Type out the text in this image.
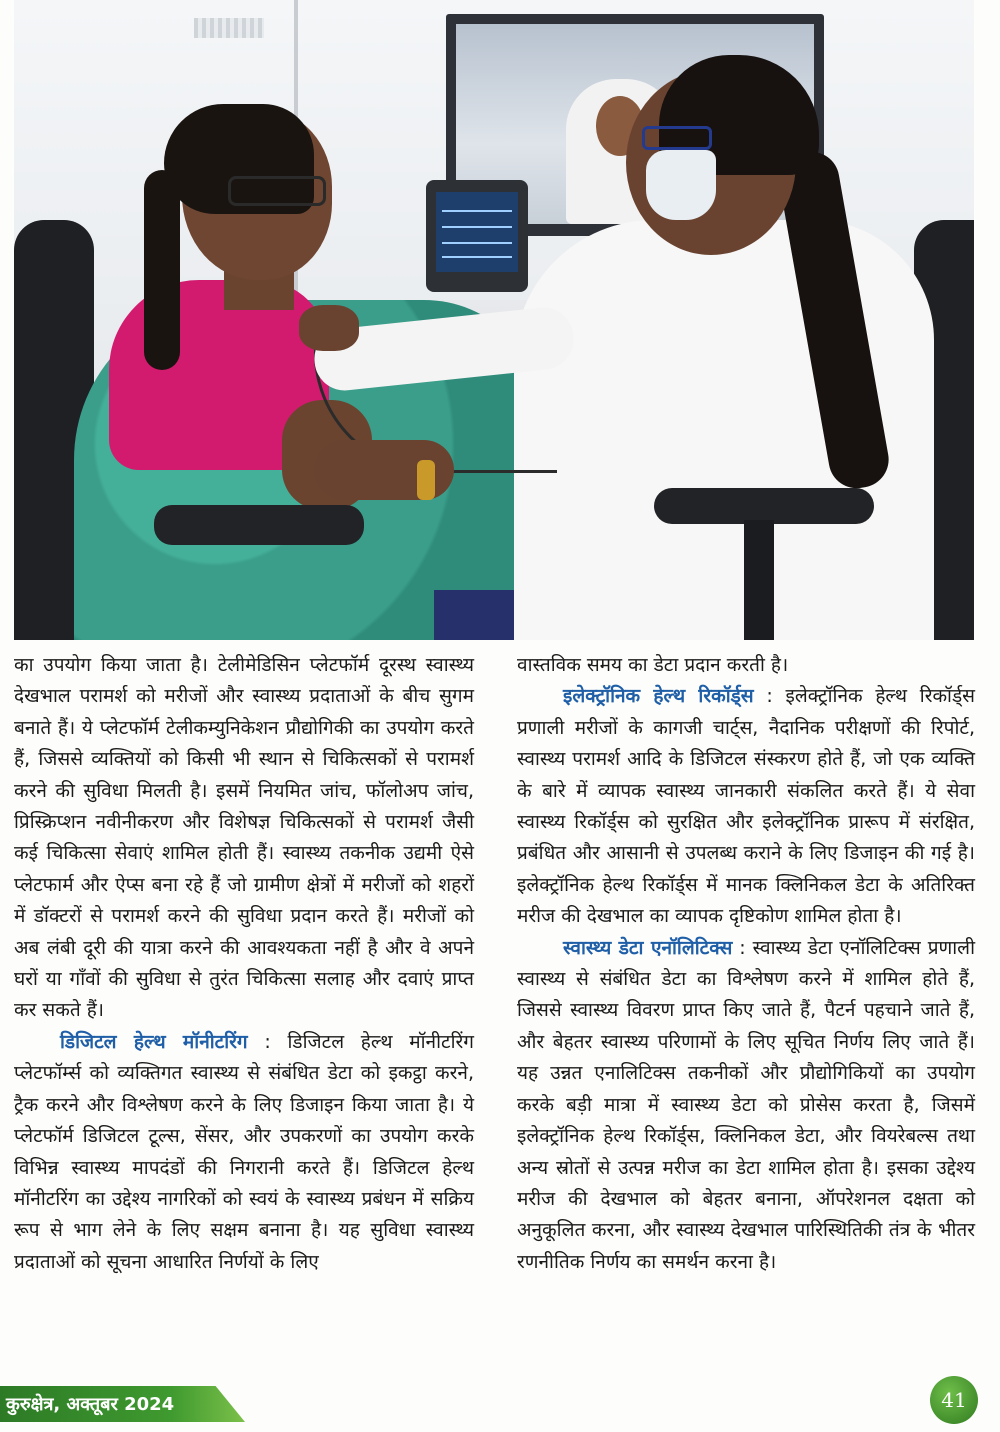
का उपयोग किया जाता है। टेलीमेडिसिन प्लेटफॉर्म दूरस्थ स्वास्थ्य देखभाल परामर्श को मरीजों और स्वास्थ्य प्रदाताओं के बीच सुगम बनाते हैं। ये प्लेटफॉर्म टेलीकम्युनिकेशन प्रौद्योगिकी का उपयोग करते हैं, जिससे व्यक्तियों को किसी भी स्थान से चिकित्सकों से परामर्श करने की सुविधा मिलती है। इसमें नियमित जांच, फॉलोअप जांच, प्रिस्क्रिप्शन नवीनीकरण और विशेषज्ञ चिकित्सकों से परामर्श जैसी कई चिकित्सा सेवाएं शामिल होती हैं। स्वास्थ्य तकनीक उद्यमी ऐसे प्लेटफार्म और ऐप्स बना रहे हैं जो ग्रामीण क्षेत्रों में मरीजों को शहरों में डॉक्टरों से परामर्श करने की सुविधा प्रदान करते हैं। मरीजों को अब लंबी दूरी की यात्रा करने की आवश्यकता नहीं है और वे अपने घरों या गाँवों की सुविधा से तुरंत चिकित्सा सलाह और दवाएं प्राप्त कर सकते हैं।

डिजिटल हेल्थ मॉनीटरिंग : डिजिटल हेल्थ मॉनीटरिंग प्लेटफॉर्म्स को व्यक्तिगत स्वास्थ्य से संबंधित डेटा को इकट्ठा करने, ट्रैक करने और विश्लेषण करने के लिए डिजाइन किया जाता है। ये प्लेटफॉर्म डिजिटल टूल्स, सेंसर, और उपकरणों का उपयोग करके विभिन्न स्वास्थ्य मापदंडों की निगरानी करते हैं। डिजिटल हेल्थ मॉनीटरिंग का उद्देश्य नागरिकों को स्वयं के स्वास्थ्य प्रबंधन में सक्रिय रूप से भाग लेने के लिए सक्षम बनाना है। यह सुविधा स्वास्थ्य प्रदाताओं को सूचना आधारित निर्णयों के लिए

वास्तविक समय का डेटा प्रदान करती है।

इलेक्ट्रॉनिक हेल्थ रिकॉर्ड्स : इलेक्ट्रॉनिक हेल्थ रिकॉर्ड्स प्रणाली मरीजों के कागजी चार्ट्स, नैदानिक परीक्षणों की रिपोर्ट, स्वास्थ्य परामर्श आदि के डिजिटल संस्करण होते हैं, जो एक व्यक्ति के बारे में व्यापक स्वास्थ्य जानकारी संकलित करते हैं। ये सेवा स्वास्थ्य रिकॉर्ड्स को सुरक्षित और इलेक्ट्रॉनिक प्रारूप में संरक्षित, प्रबंधित और आसानी से उपलब्ध कराने के लिए डिजाइन की गई है। इलेक्ट्रॉनिक हेल्थ रिकॉर्ड्स में मानक क्लिनिकल डेटा के अतिरिक्त मरीज की देखभाल का व्यापक दृष्टिकोण शामिल होता है।

स्वास्थ्य डेटा एनॉलिटिक्स : स्वास्थ्य डेटा एनॉलिटिक्स प्रणाली स्वास्थ्य से संबंधित डेटा का विश्लेषण करने में शामिल होते हैं, जिससे स्वास्थ्य विवरण प्राप्त किए जाते हैं, पैटर्न पहचाने जाते हैं, और बेहतर स्वास्थ्य परिणामों के लिए सूचित निर्णय लिए जाते हैं। यह उन्नत एनालिटिक्स तकनीकों और प्रौद्योगिकियों का उपयोग करके बड़ी मात्रा में स्वास्थ्य डेटा को प्रोसेस करता है, जिसमें इलेक्ट्रॉनिक हेल्थ रिकॉर्ड्स, क्लिनिकल डेटा, और वियरेबल्स तथा अन्य स्रोतों से उत्पन्न मरीज का डेटा शामिल होता है। इसका उद्देश्य मरीज की देखभाल को बेहतर बनाना, ऑपरेशनल दक्षता को अनुकूलित करना, और स्वास्थ्य देखभाल पारिस्थितिकी तंत्र के भीतर रणनीतिक निर्णय का समर्थन करना है।

कुरुक्षेत्र, अक्तूबर 2024	41
